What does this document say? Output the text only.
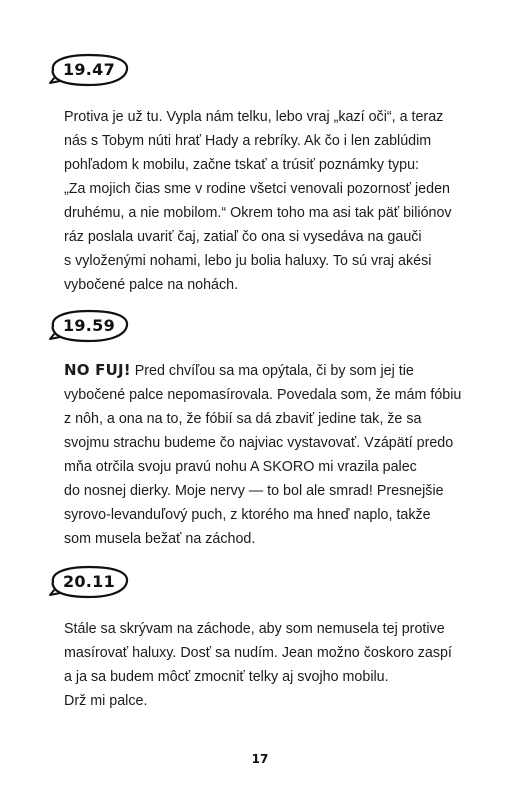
19.47

Protiva je už tu. Vypla nám telku, lebo vraj „kazí oči“, a teraz
nás s Tobym núti hrať Hady a rebríky. Ak čo i len zablúdim
pohľadom k mobilu, začne tskať a trúsiť poznámky typu:
„Za mojich čias sme v rodine všetci venovali pozornosť jeden
druhému, a nie mobilom.“ Okrem toho ma asi tak päť biliónov
ráz poslala uvariť čaj, zatiaľ čo ona si vysedáva na gauči
s vyloženými nohami, lebo ju bolia haluxy. To sú vraj akési
vybočené palce na nohách.

19.59

NO FUJ! Pred chvíľou sa ma opýtala, či by som jej tie
vybočené palce nepomasírovala. Povedala som, že mám fóbiu
z nôh, a ona na to, že fóbií sa dá zbaviť jedine tak, že sa
svojmu strachu budeme čo najviac vystavovať. Vzápätí predo
mňa otrčila svoju pravú nohu A SKORO mi vrazila palec
do nosnej dierky. Moje nervy — to bol ale smrad! Presnejšie
syrovo-levanduľový puch, z ktorého ma hneď naplo, takže
som musela bežať na záchod.

20.11

Stále sa skrývam na záchode, aby som nemusela tej protive
masírovať haluxy. Dosť sa nudím. Jean možno čoskoro zaspí
a ja sa budem môcť zmocniť telky aj svojho mobilu.
Drž mi palce.

17
